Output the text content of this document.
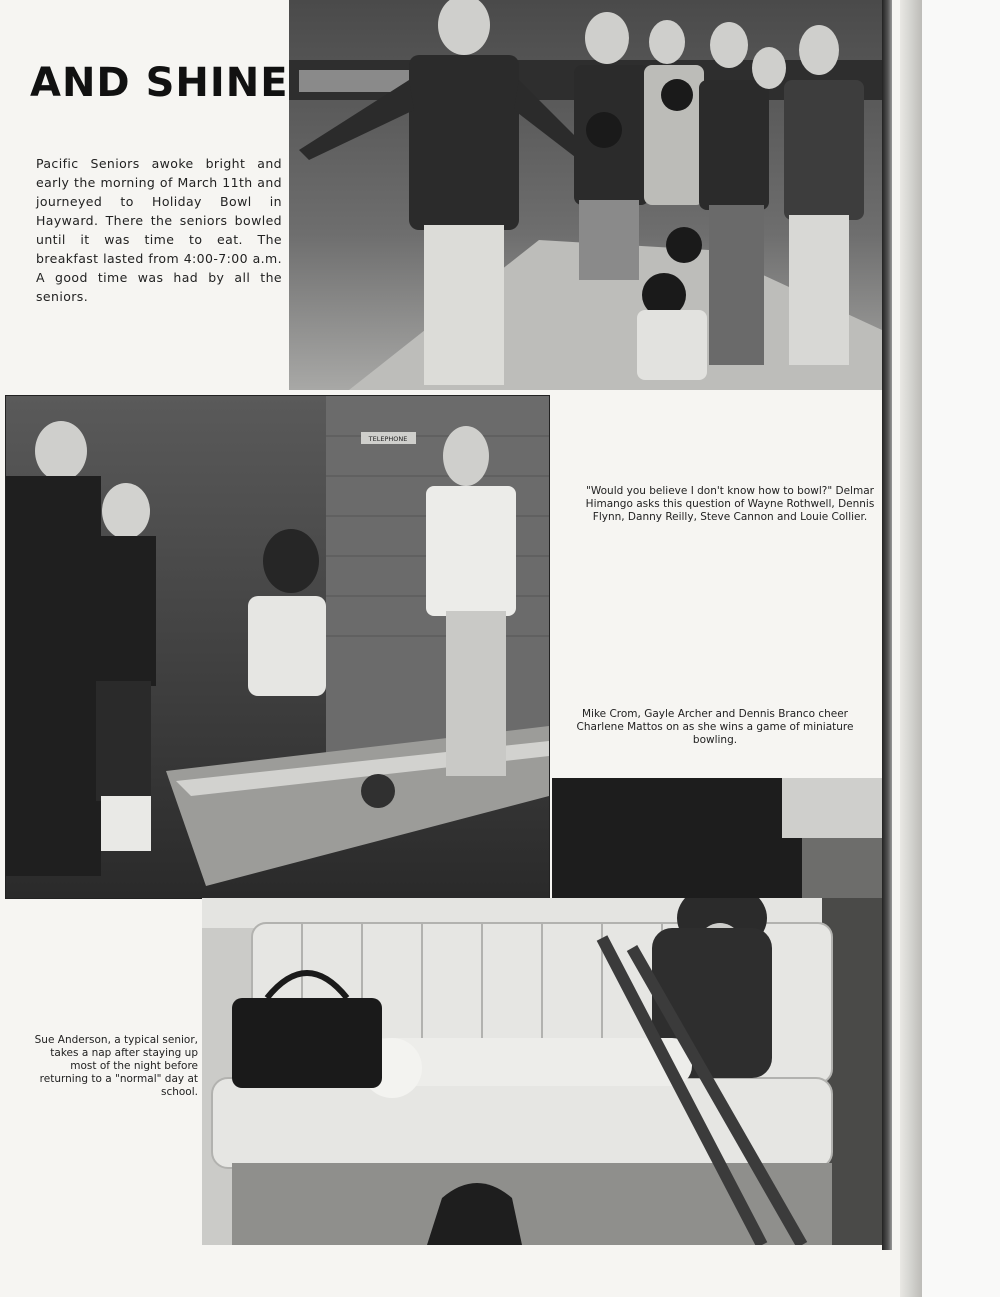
AND SHINE

Pacific Seniors awoke bright and early the morning of March 11th and journeyed to Holiday Bowl in Hayward. There the seniors bowled until it was time to eat. The breakfast lasted from 4:00-7:00 a.m. A good time was had by all the seniors.

TELEPHONE

"Would you believe I don't know how to bowl?" Delmar Himango asks this question of Wayne Rothwell, Dennis Flynn, Danny Reilly, Steve Cannon and Louie Collier.

Mike Crom, Gayle Archer and Dennis Branco cheer Charlene Mattos on as she wins a game of miniature bowling.

Sue Anderson, a typical senior, takes a nap after staying up most of the night before returning to a "normal" day at school.
